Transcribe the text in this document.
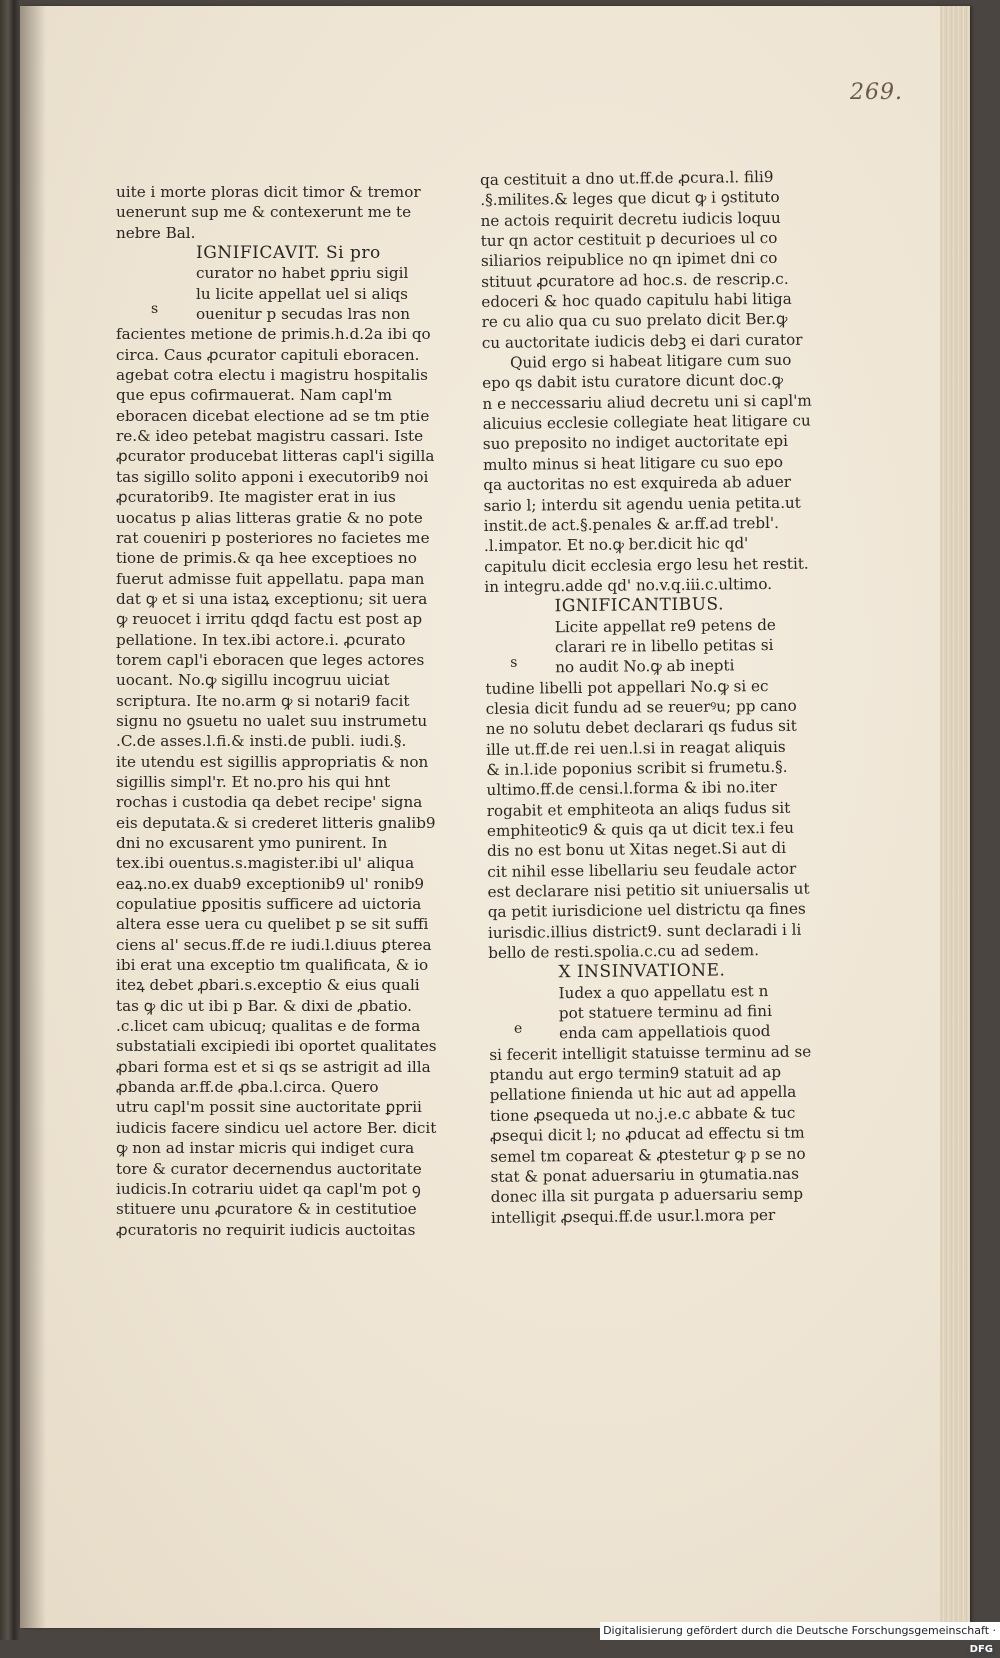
269.
uite i morte ploras dicit timor & tremor
uenerunt sup me & contexerunt me te
nebre Bal.
IGNIFICAVIT. Si pro
curator no habet ꝑpriu sigil
s
lu licite appellat uel si aliqs
ouenitur p secudas lras non
facientes metione de primis.h.d.2a ibi qo
circa. Caus ꝓcurator capituli eboracen.
agebat cotra electu i magistru hospitalis
que epus cofirmauerat. Nam capl'm
eboracen dicebat electione ad se tm ptie
re.& ideo petebat magistru cassari. Iste
ꝓcurator producebat litteras capl'i sigilla
tas sigillo solito apponi i executorib9 noi
ꝓcuratorib9. Ite magister erat in ius
uocatus p alias litteras gratie & no pote
rat coueniri p posteriores no facietes me
tione de primis.& qa hee exceptioes no
fuerut admisse fuit appellatu. papa man
dat ꝙ et si una istaꝝ exceptionu; sit uera
ꝙ reuocet i irritu qdqd factu est post ap
pellatione. In tex.ibi actore.i. ꝓcurato
torem capl'i eboracen que leges actores
uocant. No.ꝙ sigillu incogruu uiciat
scriptura. Ite no.arm ꝙ si notari9 facit
signu no ꝯsuetu no ualet suu instrumetu
.C.de asses.l.fi.& insti.de publi. iudi.§.
ite utendu est sigillis appropriatis & non
sigillis simpl'r. Et no.pro his qui hnt
rochas i custodia qa debet recipe' signa
eis deputata.& si crederet litteris gnalib9
dni no excusarent ymo punirent. In
tex.ibi ouentus.s.magister.ibi ul' aliqua
eaꝝ.no.ex duab9 exceptionib9 ul' ronib9
copulatiue ꝑpositis sufficere ad uictoria
altera esse uera cu quelibet p se sit suffi
ciens al' secus.ff.de re iudi.l.diuus ꝑterea
ibi erat una exceptio tm qualificata, & io
iteꝝ debet ꝓbari.s.exceptio & eius quali
tas ꝙ dic ut ibi p Bar. & dixi de ꝓbatio.
.c.licet cam ubicuq; qualitas e de forma
substatiali excipiedi ibi oportet qualitates
ꝓbari forma est et si qs se astrigit ad illa
ꝓbanda ar.ff.de ꝓba.l.circa. Quero
utru capl'm possit sine auctoritate ꝑprii
iudicis facere sindicu uel actore Ber. dicit
ꝙ non ad instar micris qui indiget cura
tore & curator decernendus auctoritate
iudicis.In cotrariu uidet qa capl'm pot ꝯ
stituere unu ꝓcuratore & in cestitutioe
ꝓcuratoris no requirit iudicis auctoitas
qa cestituit a dno ut.ff.de ꝓcura.l. fili9
.§.milites.& leges que dicut ꝙ i ꝯstituto
ne actois requirit decretu iudicis loquu
tur qn actor cestituit p decurioes ul co
siliarios reipublice no qn ipimet dni co
stituut ꝓcuratore ad hoc.s. de rescrip.c.
edoceri & hoc quado capitulu habi litiga
re cu alio qua cu suo prelato dicit Ber.ꝙ
cu auctoritate iudicis debꝫ ei dari curator
Quid ergo si habeat litigare cum suo
epo qs dabit istu curatore dicunt doc.ꝙ
n e neccessariu aliud decretu uni si capl'm
alicuius ecclesie collegiate heat litigare cu
suo preposito no indiget auctoritate epi
multo minus si heat litigare cu suo epo
qa auctoritas no est exquireda ab aduer
sario l; interdu sit agendu uenia petita.ut
instit.de act.§.penales & ar.ff.ad trebl'.
.l.impator. Et no.ꝙ ber.dicit hic qd'
capitulu dicit ecclesia ergo lesu het restit.
in integru.adde qd' no.v.q.iii.c.ultimo.
IGNIFICANTIBUS.
Licite appellat re9 petens de
s
clarari re in libello petitas si
no audit No.ꝙ ab inepti
tudine libelli pot appellari No.ꝙ si ec
clesia dicit fundu ad se reuerꝰu; pp cano
ne no solutu debet declarari qs fudus sit
ille ut.ff.de rei uen.l.si in reagat aliquis
& in.l.ide poponius scribit si frumetu.§.
ultimo.ff.de censi.l.forma & ibi no.iter
rogabit et emphiteota an aliqs fudus sit
emphiteotic9 & quis qa ut dicit tex.i feu
dis no est bonu ut Xitas neget.Si aut di
cit nihil esse libellariu seu feudale actor
est declarare nisi petitio sit uniuersalis ut
qa petit iurisdicione uel districtu qa fines
iurisdic.illius district9. sunt declaradi i li
bello de resti.spolia.c.cu ad sedem.
X INSINVATIONE.
Iudex a quo appellatu est n
e
pot statuere terminu ad fini
enda cam appellatiois quod
si fecerit intelligit statuisse terminu ad se
ptandu aut ergo termin9 statuit ad ap
pellatione finienda ut hic aut ad appella
tione ꝓsequeda ut no.j.e.c abbate & tuc
ꝓsequi dicit l; no ꝓducat ad effectu si tm
semel tm copareat & ꝓtestetur ꝙ p se no
stat & ponat aduersariu in ꝯtumatia.nas
donec illa sit purgata p aduersariu semp
intelligit ꝓsequi.ff.de usur.l.mora per
Digitalisierung gefördert durch die Deutsche Forschungsgemeinschaft ·DFG
